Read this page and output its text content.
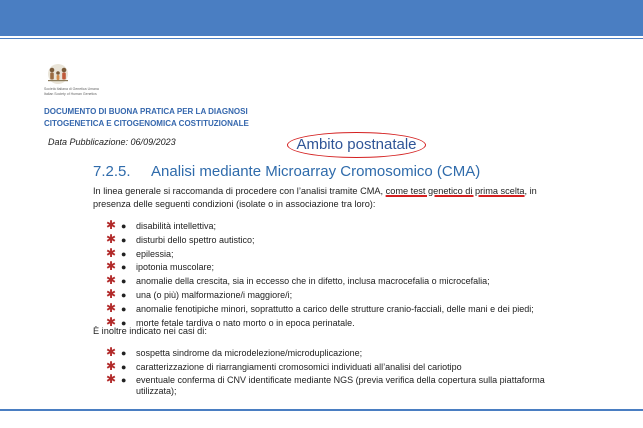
Società Italiana di Genetica Umana
Italian Society of Human Genetics
DOCUMENTO DI BUONA PRATICA PER LA DIAGNOSI
CITOGENETICA E CITOGENOMICA COSTITUZIONALE
Data Pubblicazione: 06/09/2023	Ambito postnatale
7.2.5. Analisi mediante Microarray Cromosomico (CMA)
In linea generale si raccomanda di procedere con l’analisi tramite CMA, come test genetico di prima scelta, in presenza delle seguenti condizioni (isolate o in associazione tra loro):
✱ ● disabilità intellettiva;
✱ ● disturbi dello spettro autistico;
✱ ● epilessia;
✱ ● ipotonia muscolare;
✱ ● anomalie della crescita, sia in eccesso che in difetto, inclusa macrocefalia o microcefalia;
✱ ● una (o più) malformazione/i maggiore/i;
✱ ● anomalie fenotipiche minori, soprattutto a carico delle strutture cranio-facciali, delle mani e dei piedi;
✱ ● morte fetale tardiva o nato morto o in epoca perinatale.
È inoltre indicato nei casi di:
✱ ● sospetta sindrome da microdelezione/microduplicazione;
✱ ● caratterizzazione di riarrangiamenti cromosomici individuati all’analisi del cariotipo
✱ ● eventuale conferma di CNV identificate mediante NGS (previa verifica della copertura sulla piattaforma utilizzata);
